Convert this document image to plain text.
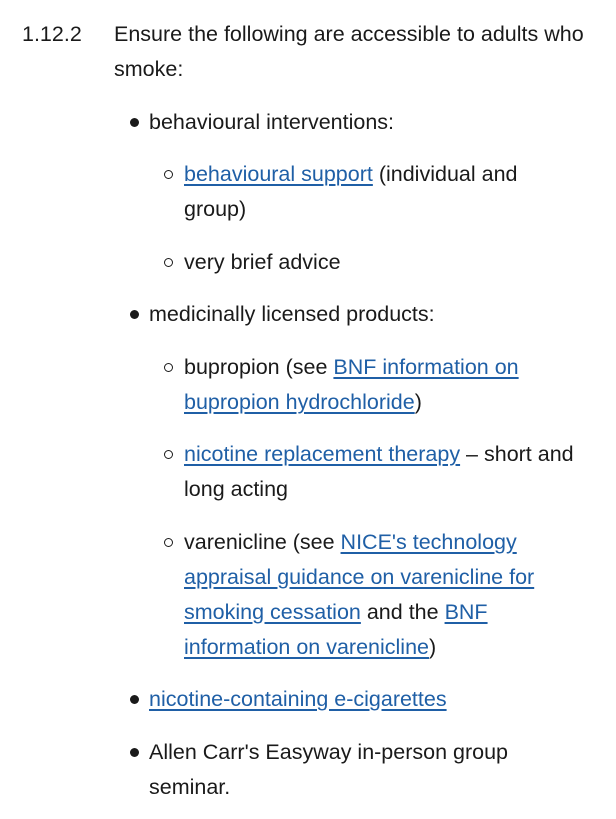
1.12.2 Ensure the following are accessible to adults who smoke:
behavioural interventions:
behavioural support (individual and group)
very brief advice
medicinally licensed products:
bupropion (see BNF information on bupropion hydrochloride)
nicotine replacement therapy – short and long acting
varenicline (see NICE's technology appraisal guidance on varenicline for smoking cessation and the BNF information on varenicline)
nicotine-containing e-cigarettes
Allen Carr's Easyway in-person group seminar.
